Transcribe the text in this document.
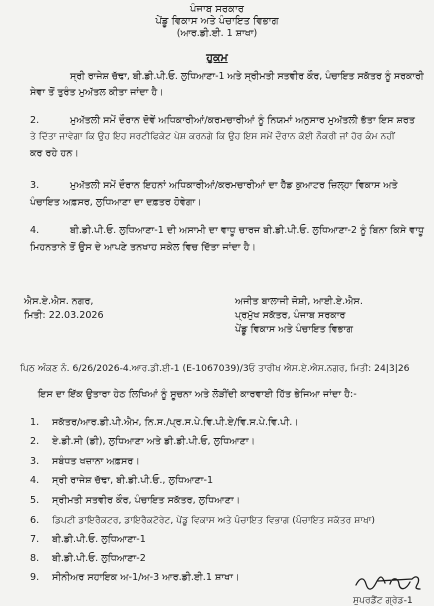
ਪੰਜਾਬ ਸਰਕਾਰ
ਪੇਂਡੂ ਵਿਕਾਸ ਅਤੇ ਪੰਚਾਇਤ ਵਿਭਾਗ
(ਆਰ.ਡੀ.ਈ. 1 ਸ਼ਾਖਾ)
ਹੁਕਮ
ਸ੍ਰੀ ਰਾਜੇਸ਼ ਚੱਢਾ, ਬੀ.ਡੀ.ਪੀ.ਓ. ਲੁਧਿਆਣਾ-1 ਅਤੇ ਸ੍ਰੀਮਤੀ ਸਤਵੀਰ ਕੌਰ, ਪੰਚਾਇਤ ਸਕੱਤਰ ਨੂੰ ਸਰਕਾਰੀ
ਸੇਵਾ ਤੋਂ ਤੁਰੰਤ ਮੁਅੱਤਲ ਕੀਤਾ ਜਾਂਦਾ ਹੈ।
2.	ਮੁਅੱਤਲੀ ਸਮੇਂ ਦੌਰਾਨ ਦੋਵੇਂ ਅਧਿਕਾਰੀਆਂ/ਕਰਮਚਾਰੀਆਂ ਨੂੰ ਨਿਯਮਾਂ ਅਨੁਸਾਰ ਮੁਅੱਤਲੀ ਭੱਤਾ ਇਸ ਸ਼ਰਤ
ਤੇ ਦਿੱਤਾ ਜਾਵੇਗਾ ਕਿ ਉਹ ਇਹ ਸਰਟੀਫਿਕੇਟ ਪੇਸ਼ ਕਰਨਗੇ ਕਿ ਉਹ ਇਸ ਸਮੇਂ ਦੌਰਾਨ ਕੋਈ ਨੌਕਰੀ ਜਾਂ ਹੋਰ ਕੰਮ ਨਹੀਂ
ਕਰ ਰਹੇ ਹਨ।
3.	ਮੁਅੱਤਲੀ ਸਮੇਂ ਦੌਰਾਨ ਇਹਨਾਂ ਅਧਿਕਾਰੀਆਂ/ਕਰਮਚਾਰੀਆਂ ਦਾ ਹੈੱਡ ਕੁਆਟਰ ਜ਼ਿਲ੍ਹਾ ਵਿਕਾਸ ਅਤੇ
ਪੰਚਾਇਤ ਅਫ਼ਸਰ, ਲੁਧਿਆਣਾ ਦਾ ਦਫ਼ਤਰ ਹੋਵੇਗਾ।
4.	ਬੀ.ਡੀ.ਪੀ.ਓ. ਲੁਧਿਆਣਾ-1 ਦੀ ਅਸਾਮੀ ਦਾ ਵਾਧੂ ਚਾਰਜ ਬੀ.ਡੀ.ਪੀ.ਓ. ਲੁਧਿਆਣਾ-2 ਨੂੰ ਬਿਨਾ ਕਿਸੇ ਵਾਧੂ
ਮਿਹਨਤਾਨੇ ਤੋਂ ਉਸ ਦੇ ਆਪਣੇ ਤਨਖਾਹ ਸਕੇਲ ਵਿਚ ਦਿੱਤਾ ਜਾਂਦਾ ਹੈ।
ਐਸ.ਏ.ਐਸ. ਨਗਰ,
ਮਿਤੀ: 22.03.2026
ਅਜੀਤ ਬਾਲਾਜੀ ਜੋਸ਼ੀ, ਆਈ.ਏ.ਐਸ.
ਪ੍ਰਮੁੱਖ ਸਕੱਤਰ, ਪੰਜਾਬ ਸਰਕਾਰ
ਪੇਂਡੂ ਵਿਕਾਸ ਅਤੇ ਪੰਚਾਇਤ ਵਿਭਾਗ
ਪਿਠ ਅੰਕਣ ਨੰ. 6/26/2026-4.ਆਰ.ਡੀ.ਈ-1 (E-1067039)/3ਓ ਤਾਰੀਖ ਐਸ.ਏ.ਐਸ.ਨਗਰ, ਮਿਤੀ: 24|3|26
ਇਸ ਦਾ ਇੱਕ ਉਤਾਰਾ ਹੇਠ ਲਿਖਿਆਂ ਨੂੰ ਸੂਚਨਾ ਅਤੇ ਲੋੜੀਂਦੀ ਕਾਰਵਾਈ ਹਿੱਤ ਭੇਜਿਆ ਜਾਂਦਾ ਹੈ:-
1. ਸਕੱਤਰ/ਆਰ.ਡੀ.ਪੀ.ਐਮ, ਨਿ.ਸ./ਪ੍ਰ.ਸ.ਪੇ.ਵਿ.ਪੀ.ਏ/ਵਿ.ਸ.ਪੇ.ਵਿ.ਪੀ.।
2. ਏ.ਡੀ.ਸੀ (ਡੀ), ਲੁਧਿਆਣਾ ਅਤੇ ਡੀ.ਡੀ.ਪੀ.ਓ, ਲੁਧਿਆਣਾ।
3. ਸਬੰਧਤ ਖਜ਼ਾਨਾ ਅਫ਼ਸਰ।
4. ਸ੍ਰੀ ਰਾਜੇਸ਼ ਚੱਢਾ, ਬੀ.ਡੀ.ਪੀ.ਓ., ਲੁਧਿਆਣਾ-1
5. ਸ੍ਰੀਮਤੀ ਸਤਵੀਰ ਕੌਰ, ਪੰਚਾਇਤ ਸਕੱਤਰ, ਲੁਧਿਆਣਾ।
6. ਡਿਪਟੀ ਡਾਇਰੈਕਟਰ, ਡਾਇਰੈਕਟੋਰੇਟ, ਪੇਂਡੂ ਵਿਕਾਸ ਅਤੇ ਪੰਚਾਇਤ ਵਿਭਾਗ (ਪੰਚਾਇਤ ਸਕੱਤਰ ਸ਼ਾਖਾ)
7. ਬੀ.ਡੀ.ਪੀ.ਓ. ਲੁਧਿਆਣਾ-1
8. ਬੀ.ਡੀ.ਪੀ.ਓ. ਲੁਧਿਆਣਾ-2
9. ਸੀਨੀਅਰ ਸਹਾਇਕ ਅ-1/ਅ-3 ਆਰ.ਡੀ.ਈ.1 ਸ਼ਾਖਾ।
ਸੁਪਰਡੈਂਟ ਗ੍ਰੇਡ-1
